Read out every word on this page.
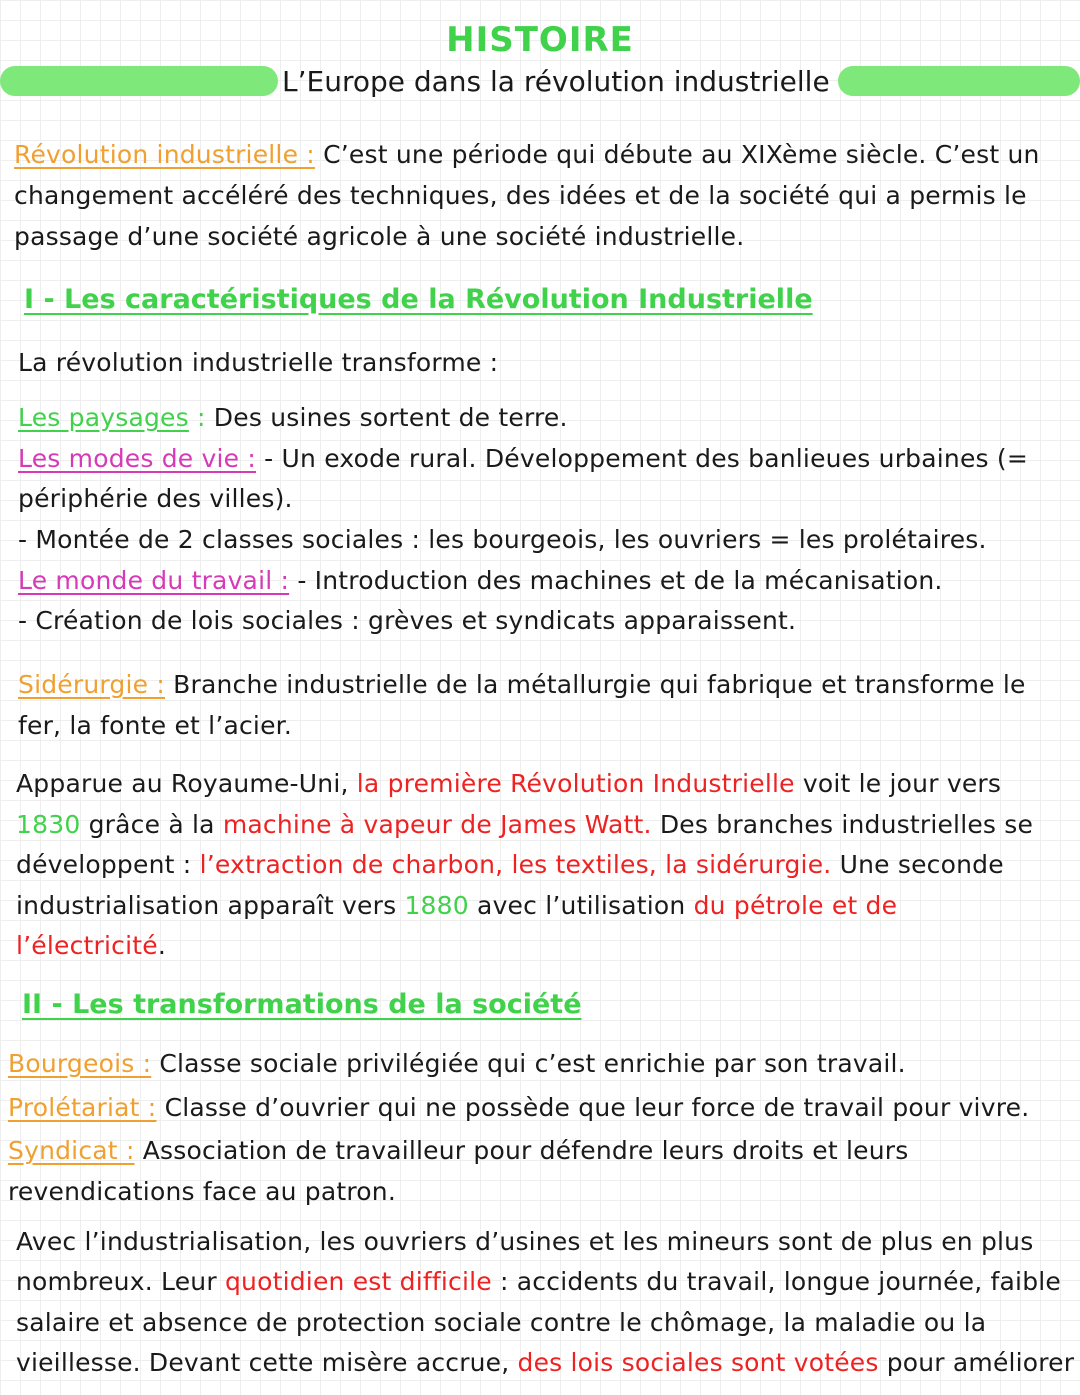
HISTOIRE
L’Europe dans la révolution industrielle
Révolution industrielle : C’est une période qui débute au XIXème siècle. C’est un
changement accéléré des techniques, des idées et de la société qui a permis le
passage d’une société agricole à une société industrielle.
I - Les caractéristiques de la Révolution Industrielle
La révolution industrielle transforme :
Les paysages : Des usines sortent de terre.
Les modes de vie : - Un exode rural. Développement des banlieues urbaines (=
périphérie des villes).
- Montée de 2 classes sociales : les bourgeois, les ouvriers = les prolétaires.
Le monde du travail : - Introduction des machines et de la mécanisation.
- Création de lois sociales : grèves et syndicats apparaissent.
Sidérurgie : Branche industrielle de la métallurgie qui fabrique et transforme le
fer, la fonte et l’acier.
Apparue au Royaume-Uni, la première Révolution Industrielle voit le jour vers
1830 grâce à la machine à vapeur de James Watt. Des branches industrielles se
développent : l’extraction de charbon, les textiles, la sidérurgie. Une seconde
industrialisation apparaît vers 1880 avec l’utilisation du pétrole et de
l’électricité.
II - Les transformations de la société
Bourgeois : Classe sociale privilégiée qui c’est enrichie par son travail.
Prolétariat : Classe d’ouvrier qui ne possède que leur force de travail pour vivre.
Syndicat : Association de travailleur pour défendre leurs droits et leurs
revendications face au patron.
Avec l’industrialisation, les ouvriers d’usines et les mineurs sont de plus en plus
nombreux. Leur quotidien est difficile : accidents du travail, longue journée, faible
salaire et absence de protection sociale contre le chômage, la maladie ou la
vieillesse. Devant cette misère accrue, des lois sociales sont votées pour améliorer
